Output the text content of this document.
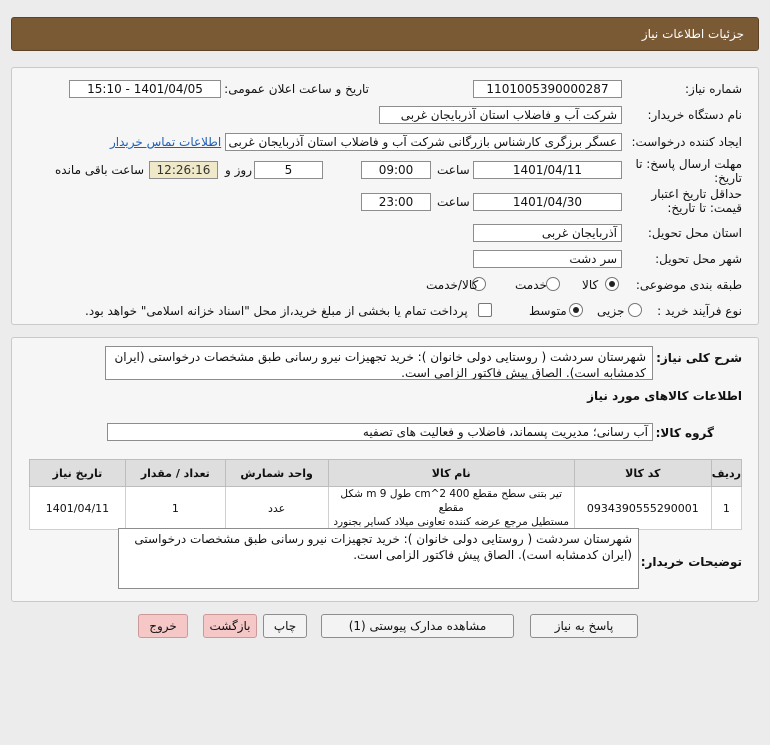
جزئیات اطلاعات نیاز
شماره نیاز:
1101005390000287
تاریخ و ساعت اعلان عمومی:
1401/04/05 - 15:10
نام دستگاه خریدار:
شرکت آب و فاضلاب استان آذربایجان غربی
ایجاد کننده درخواست:
عسگر برزگری کارشناس بازرگانی شرکت آب و فاضلاب استان آذربایجان غربی
اطلاعات تماس خریدار
مهلت ارسال پاسخ: تا
تاریخ:
1401/04/11
ساعت
09:00
5
روز و
12:26:16
ساعت باقی مانده
حداقل تاریخ اعتبار
قیمت: تا تاریخ:
1401/04/30
ساعت
23:00
استان محل تحویل:
آذربایجان غربی
شهر محل تحویل:
سر دشت
طبقه بندی موضوعی:
کالا
خدمت
کالا/خدمت
نوع فرآیند خرید :
جزیی
متوسط
پرداخت تمام یا بخشی از مبلغ خرید،از محل "اسناد خزانه اسلامی" خواهد بود.
شرح کلی نیاز:
شهرستان سردشت ( روستایی دولی خانوان ): خرید تجهیزات نیرو رسانی طبق مشخصات درخواستی (ایران کدمشابه است). الصاق پیش فاکتور الزامی است.
اطلاعات کالاهای مورد نیاز
گروه کالا:
آب رسانی؛ مدیریت پسماند، فاضلاب و فعالیت های تصفیه
ردیف	کد کالا	نام کالا	واحد شمارش	تعداد / مقدار	تاریخ نیاز
1	0934390555290001	تیر بتنی سطح مقطع 400 cm^2 طول m 9 شکل مقطع
مستطیل مرجع عرضه کننده تعاونی میلاد کسایر بجنورد	عدد	1	1401/04/11
توضیحات خریدار:
شهرستان سردشت ( روستایی دولی خانوان ): خرید تجهیزات نیرو رسانی طبق مشخصات درخواستی (ایران کدمشابه است). الصاق پیش فاکتور الزامی است.
پاسخ به نیاز
مشاهده مدارک پیوستی (1)
چاپ
بازگشت
خروج
